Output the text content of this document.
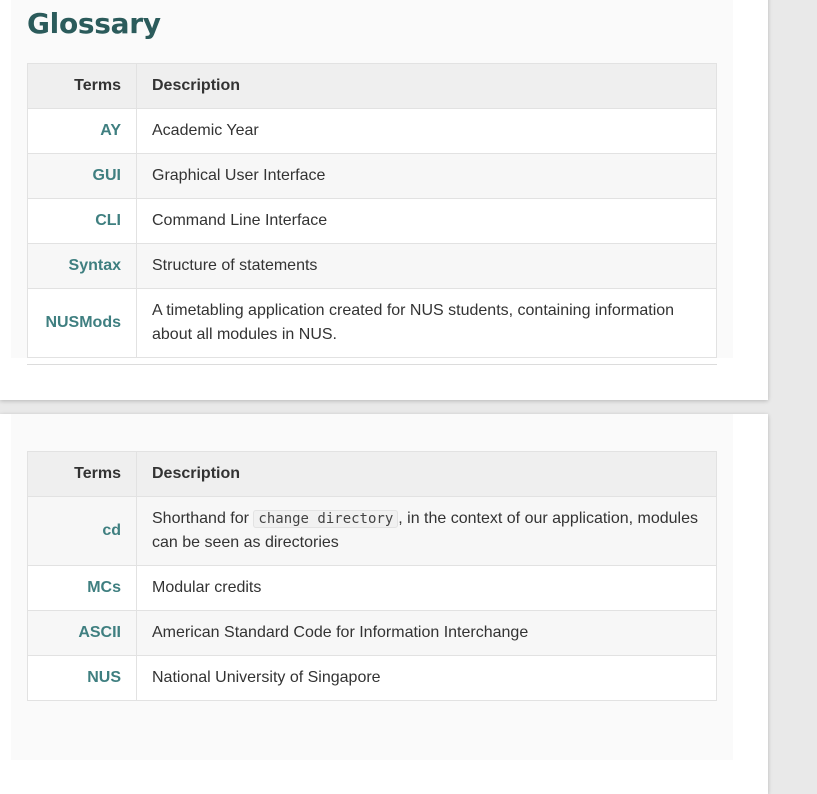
Glossary
Terms	Description
AY	Academic Year
GUI	Graphical User Interface
CLI	Command Line Interface
Syntax	Structure of statements
NUSMods	A timetabling application created for NUS students, containing information about all modules in NUS.
Terms	Description
cd	Shorthand for change directory , in the context of our application, modules can be seen as directories
MCs	Modular credits
ASCII	American Standard Code for Information Interchange
NUS	National University of Singapore
